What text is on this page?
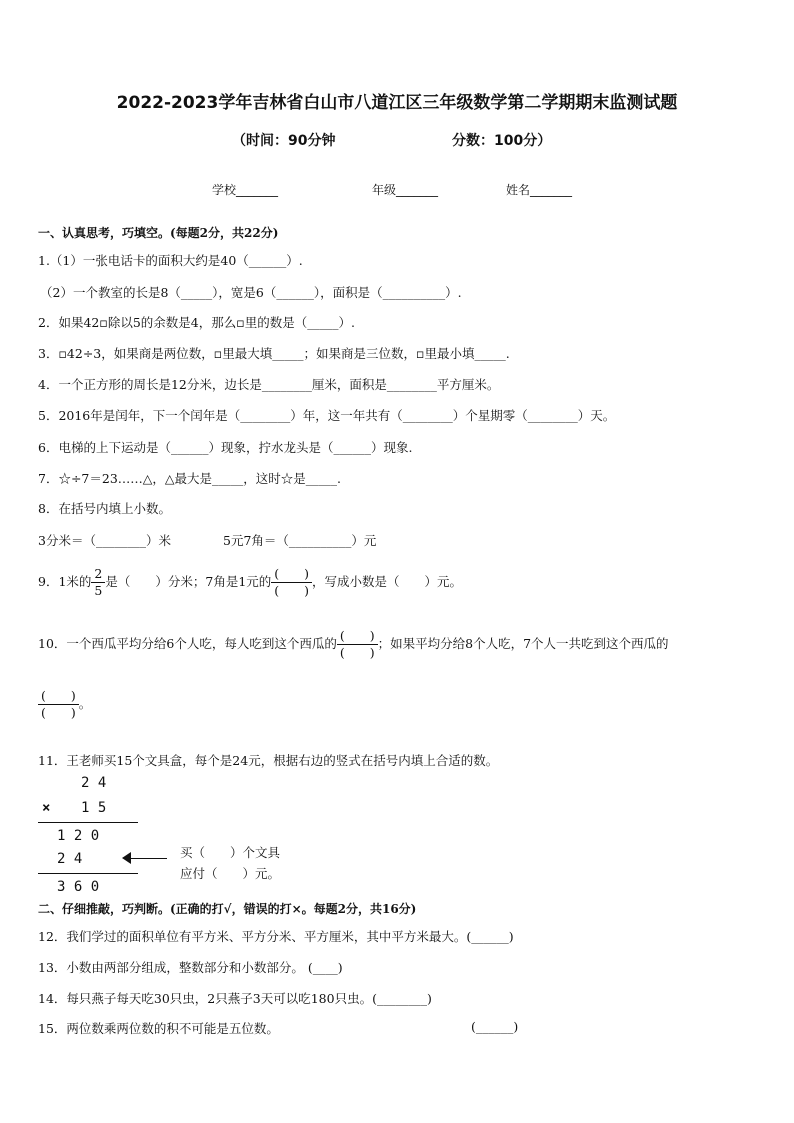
2022-2023学年吉林省白山市八道江区三年级数学第二学期期末监测试题
（时间：90分钟	分数：100分）
学校_______	年级_______	姓名_______
一、认真思考，巧填空。(每题2分，共22分)
1.（1）一张电话卡的面积大约是40（______）.
（2）一个教室的长是8（_____），宽是6（______），面积是（__________）.
2．如果42▫除以5的余数是4，那么▫里的数是（_____）.
3．▫42÷3，如果商是两位数，▫里最大填_____；如果商是三位数，▫里最小填_____.
4．一个正方形的周长是12分米，边长是________厘米，面积是________平方厘米。
5．2016年是闰年，下一个闰年是（________）年，这一年共有（________）个星期零（________）天。
6．电梯的上下运动是（______）现象，拧水龙头是（______）现象.
7．☆÷7＝23……△，△最大是_____，这时☆是_____.
8．在括号内填上小数。
3分米＝（________）米	5元7角＝（__________）元
9．1米的 $\frac{2}{5}$ 是（　　）分米；7角是1元的 $\frac{( )}{( )}$ ，写成小数是（　　）元。
10．一个西瓜平均分给6个人吃，每人吃到这个西瓜的 $\frac{( )}{( )}$ ；如果平均分给8个人吃，7个人一共吃到这个西瓜的
$\frac{( )}{( )}$ 。
11．王老师买15个文具盒，每个是24元，根据右边的竖式在括号内填上合适的数。
2 4
× 1 5
1 2 0
2 4
3 6 0
买（　　）个文具
应付（　　）元。
二、仔细推敲，巧判断。(正确的打√，错误的打×。每题2分，共16分)
12．我们学过的面积单位有平方米、平方分米、平方厘米，其中平方米最大。(______)
13．小数由两部分组成，整数部分和小数部分。 (____)
14．每只燕子每天吃30只虫，2只燕子3天可以吃180只虫。(________)
15．两位数乘两位数的积不可能是五位数。	(______)
